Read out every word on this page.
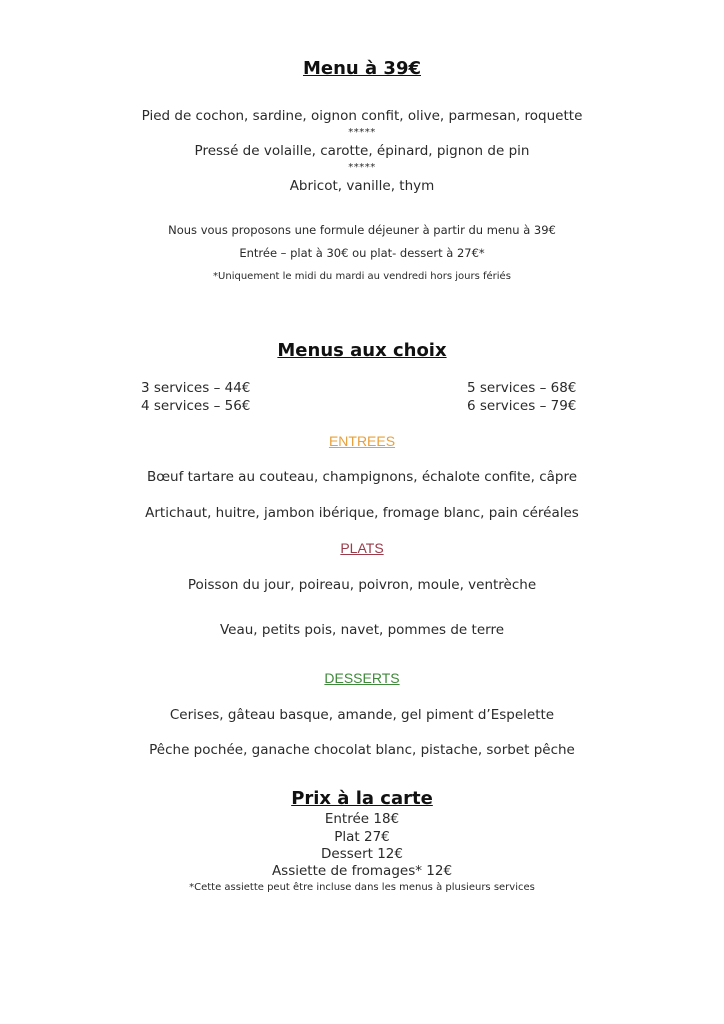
Menu à 39€
Pied de cochon, sardine, oignon confit, olive, parmesan, roquette
*****
Pressé de volaille, carotte, épinard, pignon de pin
*****
Abricot, vanille, thym
Nous vous proposons une formule déjeuner à partir du menu à 39€
Entrée – plat à 30€ ou plat- dessert à 27€*
*Uniquement le midi du mardi au vendredi hors jours fériés
Menus aux choix
3 services – 44€
4 services – 56€
5 services – 68€
6 services – 79€
ENTREES
Bœuf tartare au couteau, champignons, échalote confite, câpre
Artichaut, huitre, jambon ibérique, fromage blanc, pain céréales
PLATS
Poisson du jour, poireau, poivron, moule, ventrèche
Veau, petits pois, navet, pommes de terre
DESSERTS
Cerises, gâteau basque, amande, gel piment d’Espelette
Pêche pochée, ganache chocolat blanc, pistache, sorbet pêche
Prix à la carte
Entrée 18€
Plat 27€
Dessert 12€
Assiette de fromages* 12€
*Cette assiette peut être incluse dans les menus à plusieurs services
